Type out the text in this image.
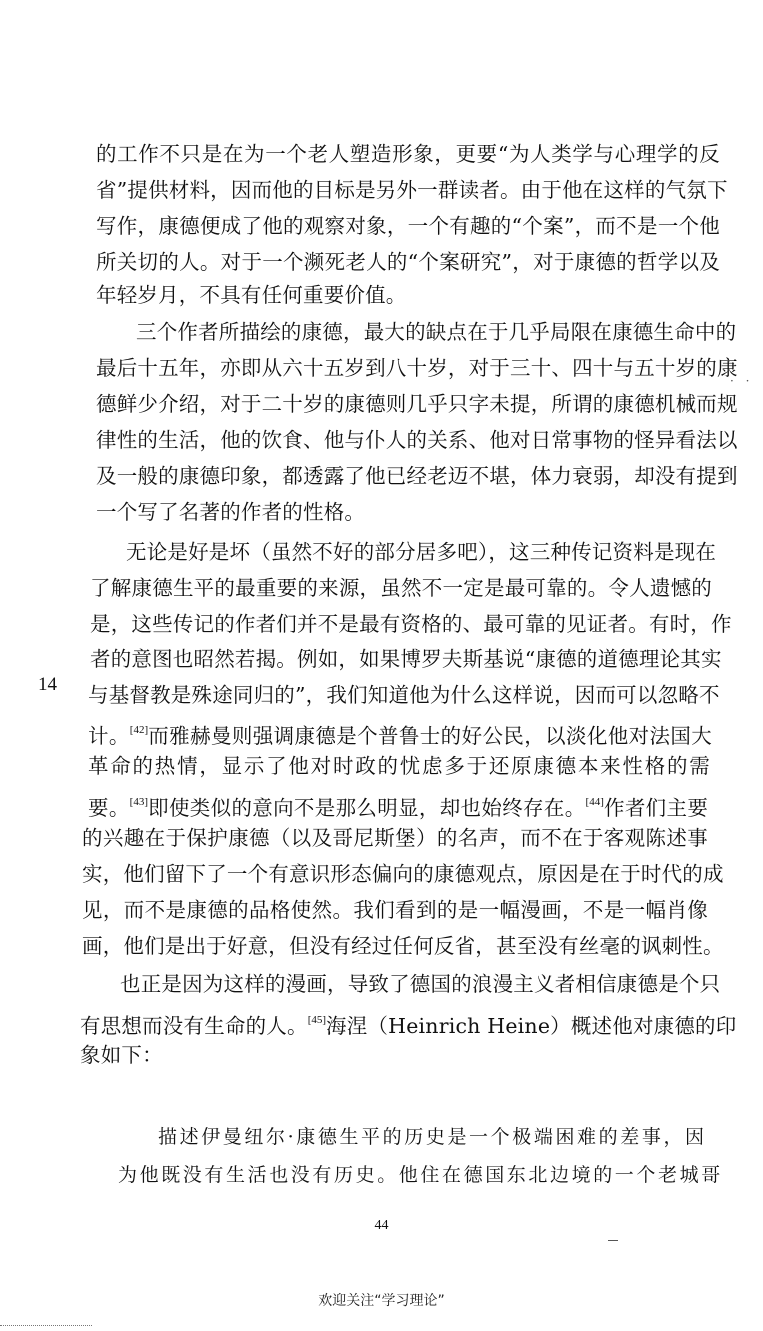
的工作不只是在为一个老人塑造形象，更要“为人类学与心理学的反
省”提供材料，因而他的目标是另外一群读者。由于他在这样的气氛下
写作，康德便成了他的观察对象，一个有趣的“个案”，而不是一个他
所关切的人。对于一个濒死老人的“个案研究”，对于康德的哲学以及
年轻岁月，不具有任何重要价值。
三个作者所描绘的康德，最大的缺点在于几乎局限在康德生命中的
最后十五年，亦即从六十五岁到八十岁，对于三十、四十与五十岁的康
德鲜少介绍，对于二十岁的康德则几乎只字未提，所谓的康德机械而规
律性的生活，他的饮食、他与仆人的关系、他对日常事物的怪异看法以
及一般的康德印象，都透露了他已经老迈不堪，体力衰弱，却没有提到
一个写了名著的作者的性格。
· ·
无论是好是坏（虽然不好的部分居多吧），这三种传记资料是现在
了解康德生平的最重要的来源，虽然不一定是最可靠的。令人遗憾的
是，这些传记的作者们并不是最有资格的、最可靠的见证者。有时，作
者的意图也昭然若揭。例如，如果博罗夫斯基说“康德的道德理论其实
14 与基督教是殊途同归的”，我们知道他为什么这样说，因而可以忽略不
计。[42]而雅赫曼则强调康德是个普鲁士的好公民，以淡化他对法国大
革命的热情，显示了他对时政的忧虑多于还原康德本来性格的需
要。[43]即使类似的意向不是那么明显，却也始终存在。[44]作者们主要
的兴趣在于保护康德（以及哥尼斯堡）的名声，而不在于客观陈述事
实，他们留下了一个有意识形态偏向的康德观点，原因是在于时代的成
见，而不是康德的品格使然。我们看到的是一幅漫画，不是一幅肖像
画，他们是出于好意，但没有经过任何反省，甚至没有丝毫的讽刺性。
也正是因为这样的漫画，导致了德国的浪漫主义者相信康德是个只
有思想而没有生命的人。[45]海涅（Heinrich Heine）概述他对康德的印
象如下：
描述伊曼纽尔·康德生平的历史是一个极端困难的差事，因
为他既没有生活也没有历史。他住在德国东北边境的一个老城哥
44
欢迎关注“学习理论”
